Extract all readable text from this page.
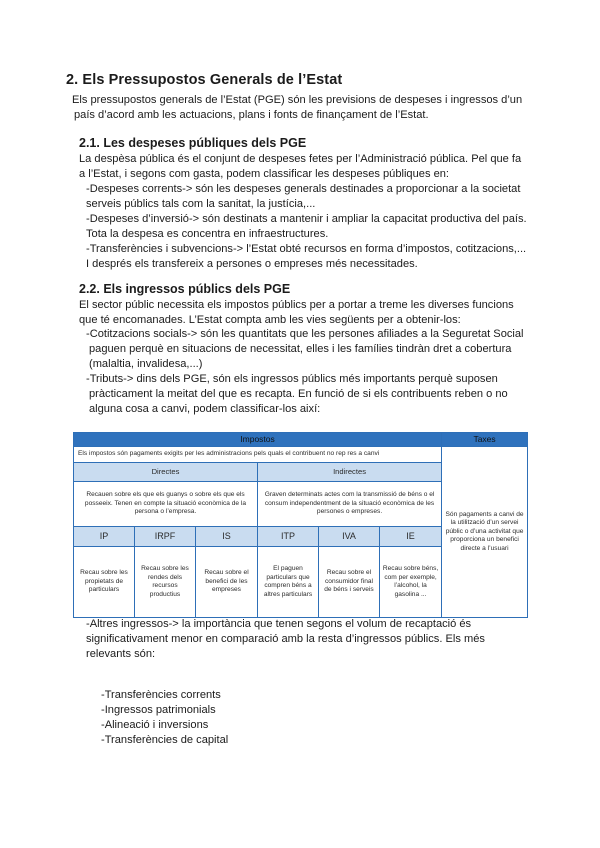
2. Els Pressupostos Generals de l’Estat
Els pressupostos generals de l’Estat (PGE) són les previsions de despeses i ingressos d’un
país d’acord amb les actuacions, plans i fonts de finançament de l’Estat.
2.1. Les despeses públiques dels PGE
La despèsa pública és el conjunt de despeses fetes per l’Administració pública. Pel que fa
a l’Estat, i segons com gasta, podem classificar les despeses públiques en:
-Despeses corrents-> són les despeses generals destinades a proporcionar a la societat
serveis públics tals com la sanitat, la justícia,...
-Despeses d’inversió-> són destinats a mantenir i ampliar la capacitat productiva del país.
Tota la despesa es concentra en infraestructures.
-Transferències i subvencions-> l’Estat obté recursos en forma d’impostos, cotitzacions,...
I després els transfereix a persones o empreses més necessitades.
2.2. Els ingressos públics dels PGE
El sector públic necessita els impostos públics per a portar a treme les diverses funcions
que té encomanades. L’Estat compta amb les vies següents per a obtenir-los:
-Cotitzacions socials-> són les quantitats que les persones afiliades a la Seguretat Social
paguen perquè en situacions de necessitat, elles i les famílies tindràn dret a cobertura
(malaltia, invalidesa,...)
-Tributs-> dins dels PGE, són els ingressos públics més importants perquè suposen
pràcticament la meitat del que es recapta. En funció de si els contribuents reben o no
alguna cosa a canvi, podem classificar-los així:
Impostos						Taxes	
Els impostos són pagaments exigits per les administracions pels quals el contribuent no rep res a canvi						Són pagaments a canvi de la utilització d’un servei públic o d’una activitat que proporciona un benefici directe a l’usuari	
Directes			Indirectes				
Recauen sobre els que els guanys o sobre els que els posseeix. Tenen en compte la situació econòmica de la persona o l’empresa.			Graven determinats actes com la transmissió de béns o el consum independentment de la situació econòmica de les persones o empreses.				
IP	IRPF	IS	ITP	IVA	IE		
Recau sobre les propietats de particulars	Recau sobre les rendes dels recursos productius	Recau sobre el benefici de les empreses	El paguen particulars que compren béns a altres particulars	Recau sobre el consumidor final de béns i serveis	Recau sobre béns, com per exemple, l’alcohol, la gasolina ...		
-Altres ingressos-> la importància que tenen segons el volum de recaptació és
significativament menor en comparació amb la resta d’ingressos públics. Els més
relevants són:
-Transferències corrents
-Ingressos patrimonials
-Alineació i inversions
-Transferències de capital
